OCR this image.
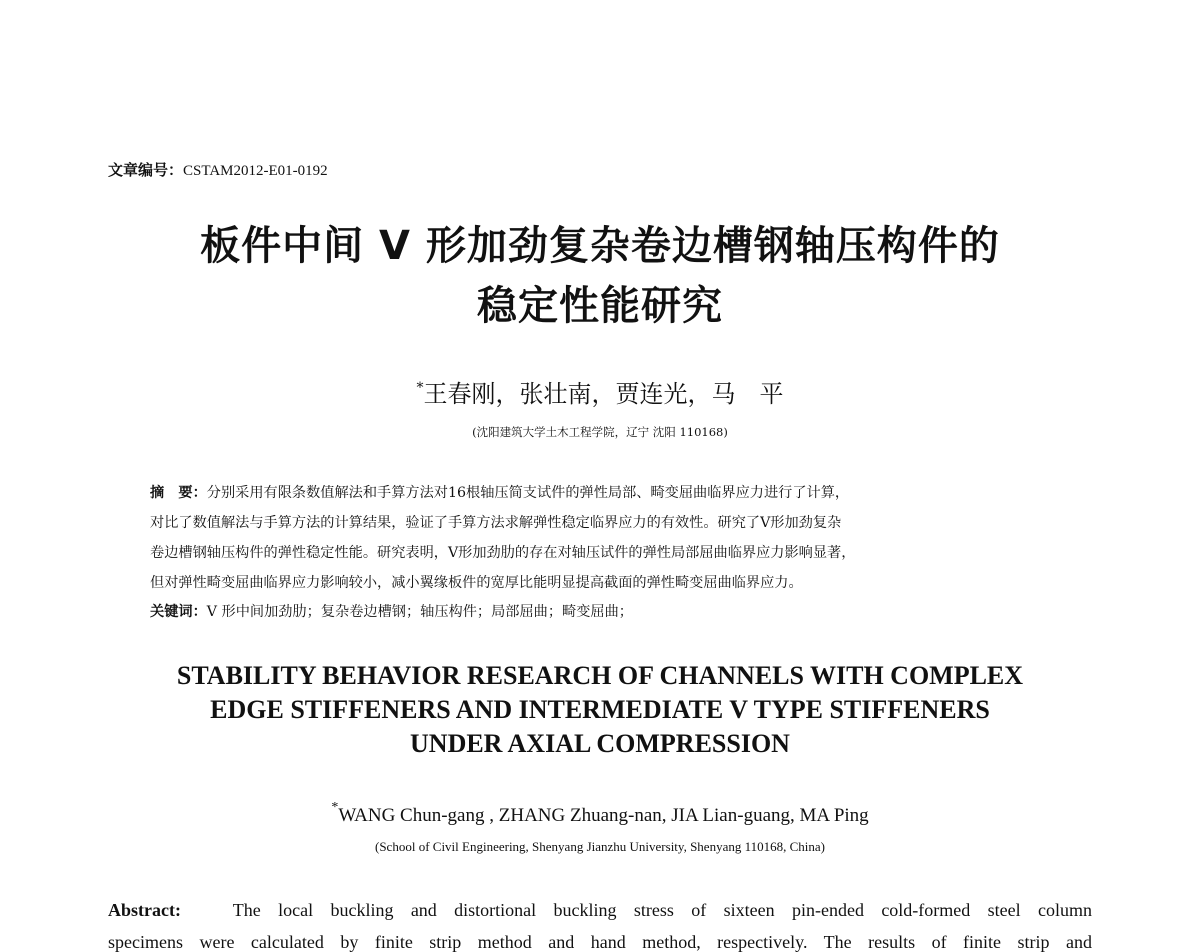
文章编号：CSTAM2012-E01-0192
板件中间 V 形加劲复杂卷边槽钢轴压构件的
稳定性能研究
*王春刚，张壮南，贾连光，马　平
(沈阳建筑大学土木工程学院，辽宁 沈阳 110168)
摘　要：分别采用有限条数值解法和手算方法对16根轴压简支试件的弹性局部、畸变屈曲临界应力进行了计算，
对比了数值解法与手算方法的计算结果，验证了手算方法求解弹性稳定临界应力的有效性。研究了V形加劲复杂
卷边槽钢轴压构件的弹性稳定性能。研究表明，V形加劲肋的存在对轴压试件的弹性局部屈曲临界应力影响显著，
但对弹性畸变屈曲临界应力影响较小，减小翼缘板件的宽厚比能明显提高截面的弹性畸变屈曲临界应力。
关键词：V 形中间加劲肋；复杂卷边槽钢；轴压构件；局部屈曲；畸变屈曲；
STABILITY BEHAVIOR RESEARCH OF CHANNELS WITH COMPLEX
EDGE STIFFENERS AND INTERMEDIATE V TYPE STIFFENERS
UNDER AXIAL COMPRESSION
*WANG Chun-gang , ZHANG Zhuang-nan, JIA Lian-guang, MA Ping
(School of Civil Engineering, Shenyang Jianzhu University, Shenyang 110168, China)
Abstract:	The local buckling and distortional buckling stress of sixteen pin-ended cold-formed steel column
specimens were calculated by finite strip method and hand method, respectively. The results of finite strip and
